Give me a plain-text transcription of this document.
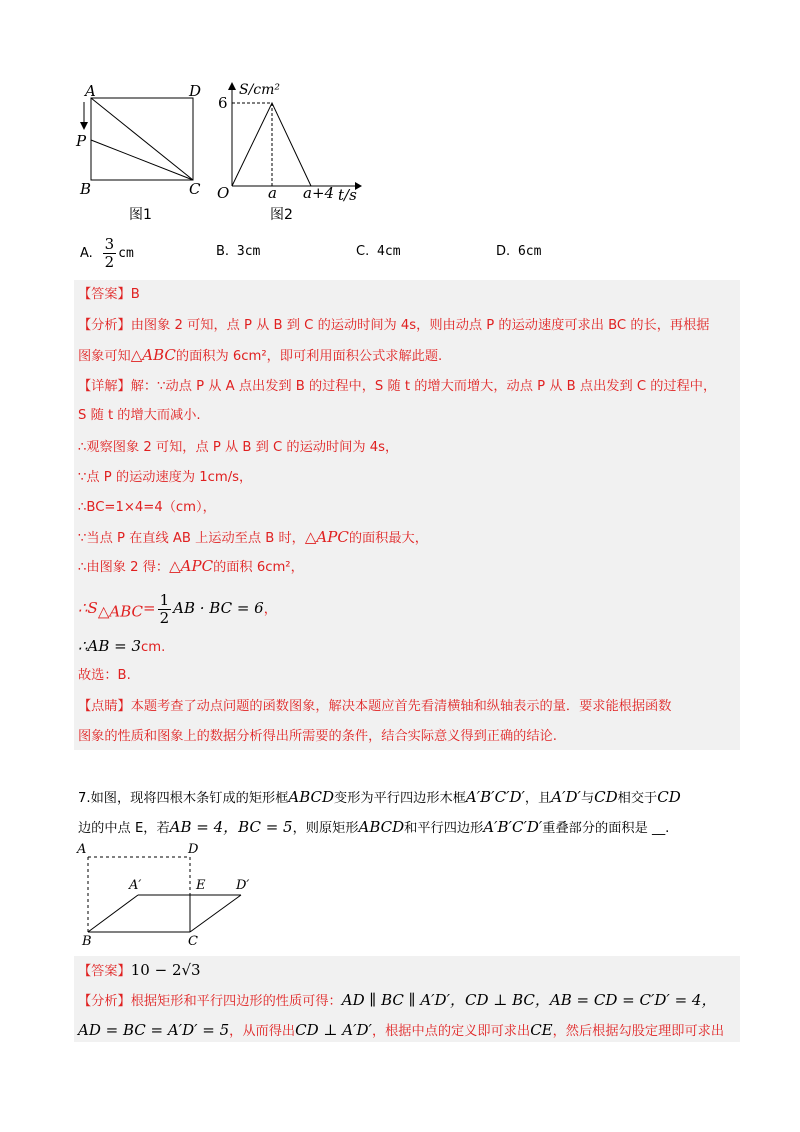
A	D
P
B	C
图1
S/cm²
6
O	a a+4 t/s
图2
A. $\frac{3}{2}$ cm	B. 3cm	C. 4cm	D. 6cm
【答案】B
【分析】由图象 2 可知，点 P 从 B 到 C 的运动时间为 4s，则由动点 P 的运动速度可求出 BC 的长，再根据
图象可知△ABC的面积为 6cm²，即可利用面积公式求解此题.
【详解】解：∵动点 P 从 A 点出发到 B 的过程中，S 随 t 的增大而增大，动点 P 从 B 点出发到 C 的过程中，
S 随 t 的增大而减小.
∴观察图象 2 可知，点 P 从 B 到 C 的运动时间为 4s，
∵点 P 的运动速度为 1cm/s，
∴BC=1×4=4（cm），
∵当点 P 在直线 AB 上运动至点 B 时，△APC的面积最大，
∴由图象 2 得：△APC的面积 6cm²，
$\therefore S_{\triangle ABC}= \frac{1}{2}$ AB · BC = 6，
∴AB = 3cm.
故选：B.
【点睛】本题考查了动点问题的函数图象，解决本题应首先看清横轴和纵轴表示的量．要求能根据函数
图象的性质和图象上的数据分析得出所需要的条件，结合实际意义得到正确的结论.
7.如图，现将四根木条钉成的矩形框ABCD变形为平行四边形木框A′B′C′D′，且A′D′与CD相交于CD
边的中点 E，若AB = 4，BC = 5，则原矩形ABCD和平行四边形A′B′C′D′重叠部分的面积是 __.
A	D
A′	E D′
B	C
【答案】10 − 2√3
【分析】根据矩形和平行四边形的性质可得：AD ∥ BC ∥ A′D′，CD ⊥ BC，AB = CD = C′D′ = 4，
AD = BC = A′D′ = 5，从而得出CD ⊥ A′D′，根据中点的定义即可求出CE，然后根据勾股定理即可求出
